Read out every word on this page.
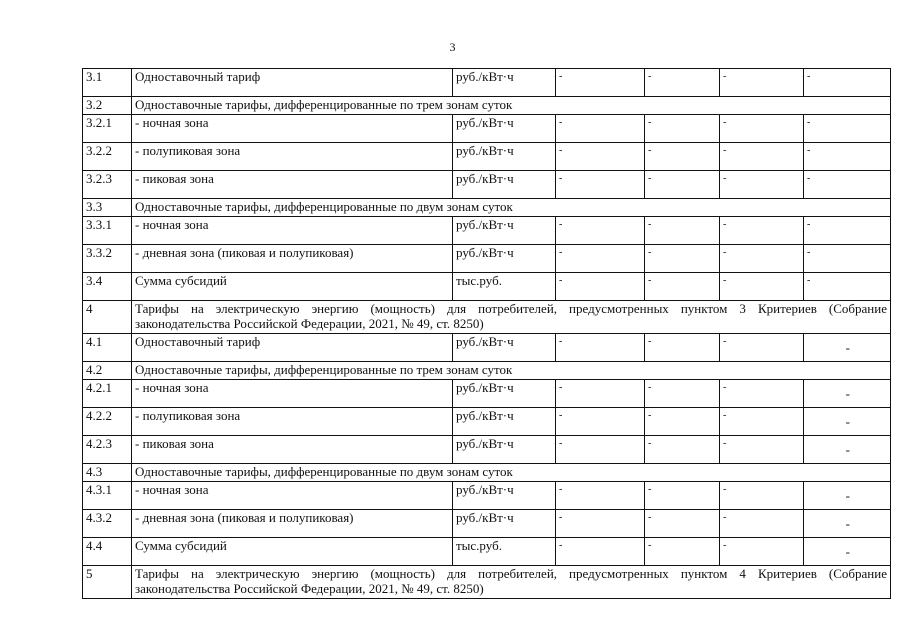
3
3.1	Одноставочный тариф	руб./кВт·ч	-	-	-	-
3.2	Одноставочные тарифы, дифференцированные по трем зонам суток					
3.2.1	- ночная зона	руб./кВт·ч	-	-	-	-
3.2.2	- полупиковая зона	руб./кВт·ч	-	-	-	-
3.2.3	- пиковая зона	руб./кВт·ч	-	-	-	-
3.3	Одноставочные тарифы, дифференцированные по двум зонам суток					
3.3.1	- ночная зона	руб./кВт·ч	-	-	-	-
3.3.2	- дневная зона (пиковая и полупиковая)	руб./кВт·ч	-	-	-	-
3.4	Сумма субсидий	тыс.руб.	-	-	-	-
4	Тарифы на электрическую энергию (мощность) для потребителей, предусмотренных пунктом 3 Критериев (Собрание законодательства Российской Федерации, 2021, № 49, ст. 8250)					
4.1	Одноставочный тариф	руб./кВт·ч	-	-	-	-
4.2	Одноставочные тарифы, дифференцированные по трем зонам суток					
4.2.1	- ночная зона	руб./кВт·ч	-	-	-	-
4.2.2	- полупиковая зона	руб./кВт·ч	-	-	-	-
4.2.3	- пиковая зона	руб./кВт·ч	-	-	-	-
4.3	Одноставочные тарифы, дифференцированные по двум зонам суток					
4.3.1	- ночная зона	руб./кВт·ч	-	-	-	-
4.3.2	- дневная зона (пиковая и полупиковая)	руб./кВт·ч	-	-	-	-
4.4	Сумма субсидий	тыс.руб.	-	-	-	-
5	Тарифы на электрическую энергию (мощность) для потребителей, предусмотренных пунктом 4 Критериев (Собрание законодательства Российской Федерации, 2021, № 49, ст. 8250)					
